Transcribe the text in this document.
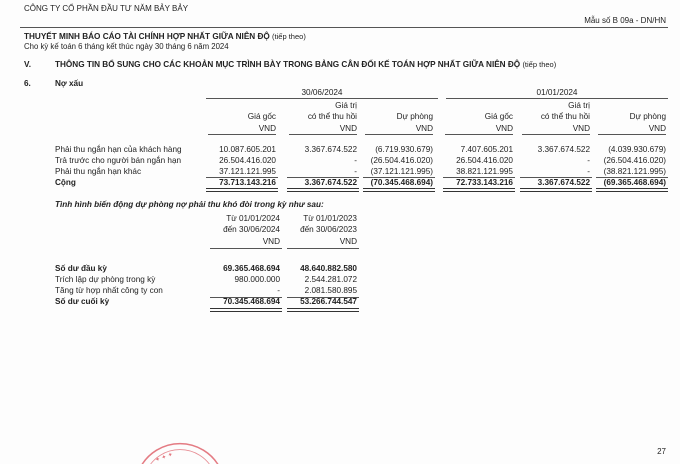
CÔNG TY CỔ PHẦN ĐẦU TƯ NĂM BẢY BẢY
Mẫu số B 09a - DN/HN
THUYẾT MINH BÁO CÁO TÀI CHÍNH HỢP NHẤT GIỮA NIÊN ĐỘ (tiếp theo)
Cho kỳ kế toán 6 tháng kết thúc ngày 30 tháng 6 năm 2024
V.	THÔNG TIN BỔ SUNG CHO CÁC KHOẢN MỤC TRÌNH BÀY TRONG BẢNG CÂN ĐỐI KẾ TOÁN HỢP NHẤT GIỮA NIÊN ĐỘ (tiếp theo)
6.	Nợ xấu
30/06/2024	01/01/2024
Giá gốc
VND
Giá trị
có thể thu hồi
VND
Dự phòng
VND
Giá gốc
VND
Giá trị
có thể thu hồi
VND
Dự phòng
VND
Phải thu ngắn hạn của khách hàng	10.087.605.201	3.367.674.522 (6.719.930.679)	7.407.605.201	3.367.674.522 (4.039.930.679)
Trả trước cho người bán ngắn hạn	26.504.416.020	- (26.504.416.020)	26.504.416.020	- (26.504.416.020)
Phải thu ngắn hạn khác	37.121.121.995	- (37.121.121.995)	38.821.121.995	- (38.821.121.995)
Cộng	73.713.143.216	3.367.674.522 (70.345.468.694)	72.733.143.216	3.367.674.522 (69.365.468.694)
Tình hình biến động dự phòng nợ phải thu khó đòi trong kỳ như sau:
Từ 01/01/2024
đến 30/06/2024
VND
Từ 01/01/2023
đến 30/06/2023
VND
Số dư đầu kỳ	69.365.468.694 48.640.882.580
Trích lập dự phòng trong kỳ	980.000.000	2.544.281.072
Tăng từ hợp nhất công ty con	-	2.081.580.895
Số dư cuối kỳ	70.345.468.694 53.266.744.547
✦ ✦ ✦
27
